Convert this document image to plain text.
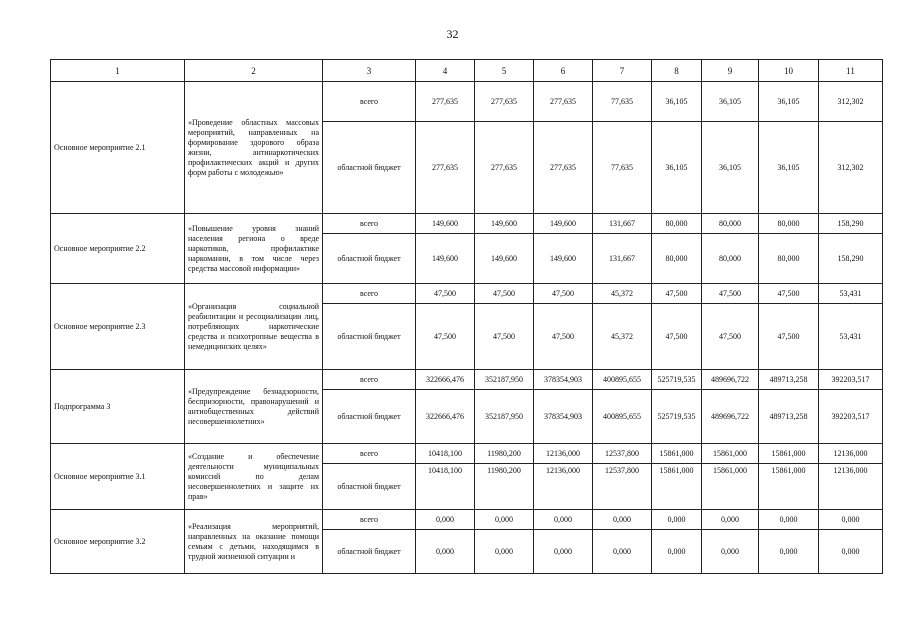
32
1	2	3	4	5	6	7	8	9	10	11
Основное мероприятие 2.1	«Проведение областных массовых мероприятий, направленных на формирование здорового образа жизни, антинаркотических профилактических акций и других форм работы с молодежью»	всего	277,635	277,635	277,635	77,635	36,105	36,105	36,105	312,302
		областной бюджет	277,635	277,635	277,635	77,635	36,105	36,105	36,105	312,302
Основное мероприятие 2.2	«Повышение уровня знаний населения региона о вреде наркотиков, профилактике наркомании, в том числе через средства массовой информации»	всего	149,600	149,600	149,600	131,667	80,000	80,000	80,000	158,290
		областной бюджет	149,600	149,600	149,600	131,667	80,000	80,000	80,000	158,290
Основное мероприятие 2.3	«Организация социальной реабилитации и ресоциализации лиц, потребляющих наркотические средства и психотропные вещества в немедицинских целях»	всего	47,500	47,500	47,500	45,372	47,500	47,500	47,500	53,431
		областной бюджет	47,500	47,500	47,500	45,372	47,500	47,500	47,500	53,431
Подпрограмма 3	«Предупреждение безнадзорности, беспризорности, правонарушений и антиобщественных действий несовершеннолетних»	всего	322666,476	352187,950	378354,903	400895,655	525719,535	489696,722	489713,258	392203,517
		областной бюджет	322666,476	352187,950	378354,903	400895,655	525719,535	489696,722	489713,258	392203,517
Основное мероприятие 3.1	«Создание и обеспечение деятельности муниципальных комиссий по делам несовершеннолетних и защите их прав»	всего	10418,100	11980,200	12136,000	12537,800	15861,000	15861,000	15861,000	12136,000
		областной бюджет	10418,100	11980,200	12136,000	12537,800	15861,000	15861,000	15861,000	12136,000
Основное мероприятие 3.2	«Реализация мероприятий, направленных на оказание помощи семьям с детьми, находящимся в трудной жизненной ситуации и	всего	0,000	0,000	0,000	0,000	0,000	0,000	0,000	0,000
		областной бюджет	0,000	0,000	0,000	0,000	0,000	0,000	0,000	0,000
